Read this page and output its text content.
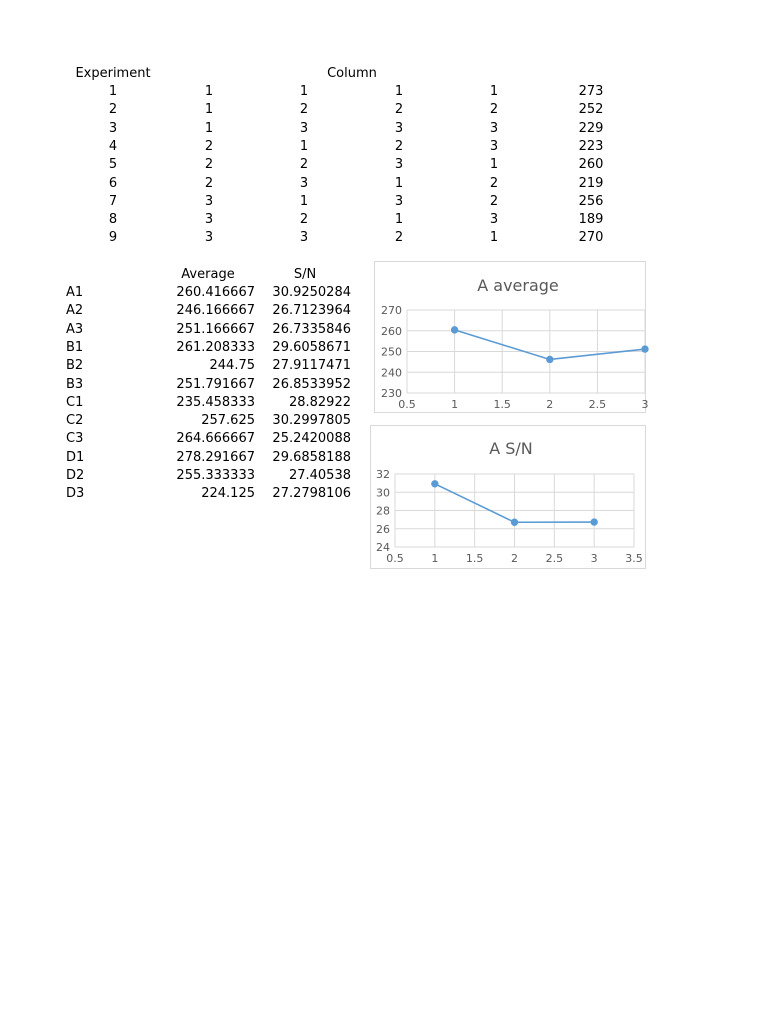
Experiment	Column
1	1	1	1	1	273
2	1	2	2	2	252
3	1	3	3	3	229
4	2	1	2	3	223
5	2	2	3	1	260
6	2	3	1	2	219
7	3	1	3	2	256
8	3	2	1	3	189
9	3	3	2	1	270
Average	S/N
A1	260.416667 30.9250284
A2	246.166667 26.7123964
A3	251.166667 26.7335846
B1	261.208333 29.6058671
B2	244.75 27.9117471
B3	251.791667 26.8533952
C1	235.458333	28.82922
C2	257.625 30.2997805
C3	264.666667 25.2420088
D1	278.291667 29.6858188
D2	255.333333	27.40538
D3	224.125 27.2798106
A average
0.5	1	1.5	2	2.5	3
230
240
250
260
270
A S/N
0.5	1	1.5	2	2.5	3	3.5
24
26
28
30
32
